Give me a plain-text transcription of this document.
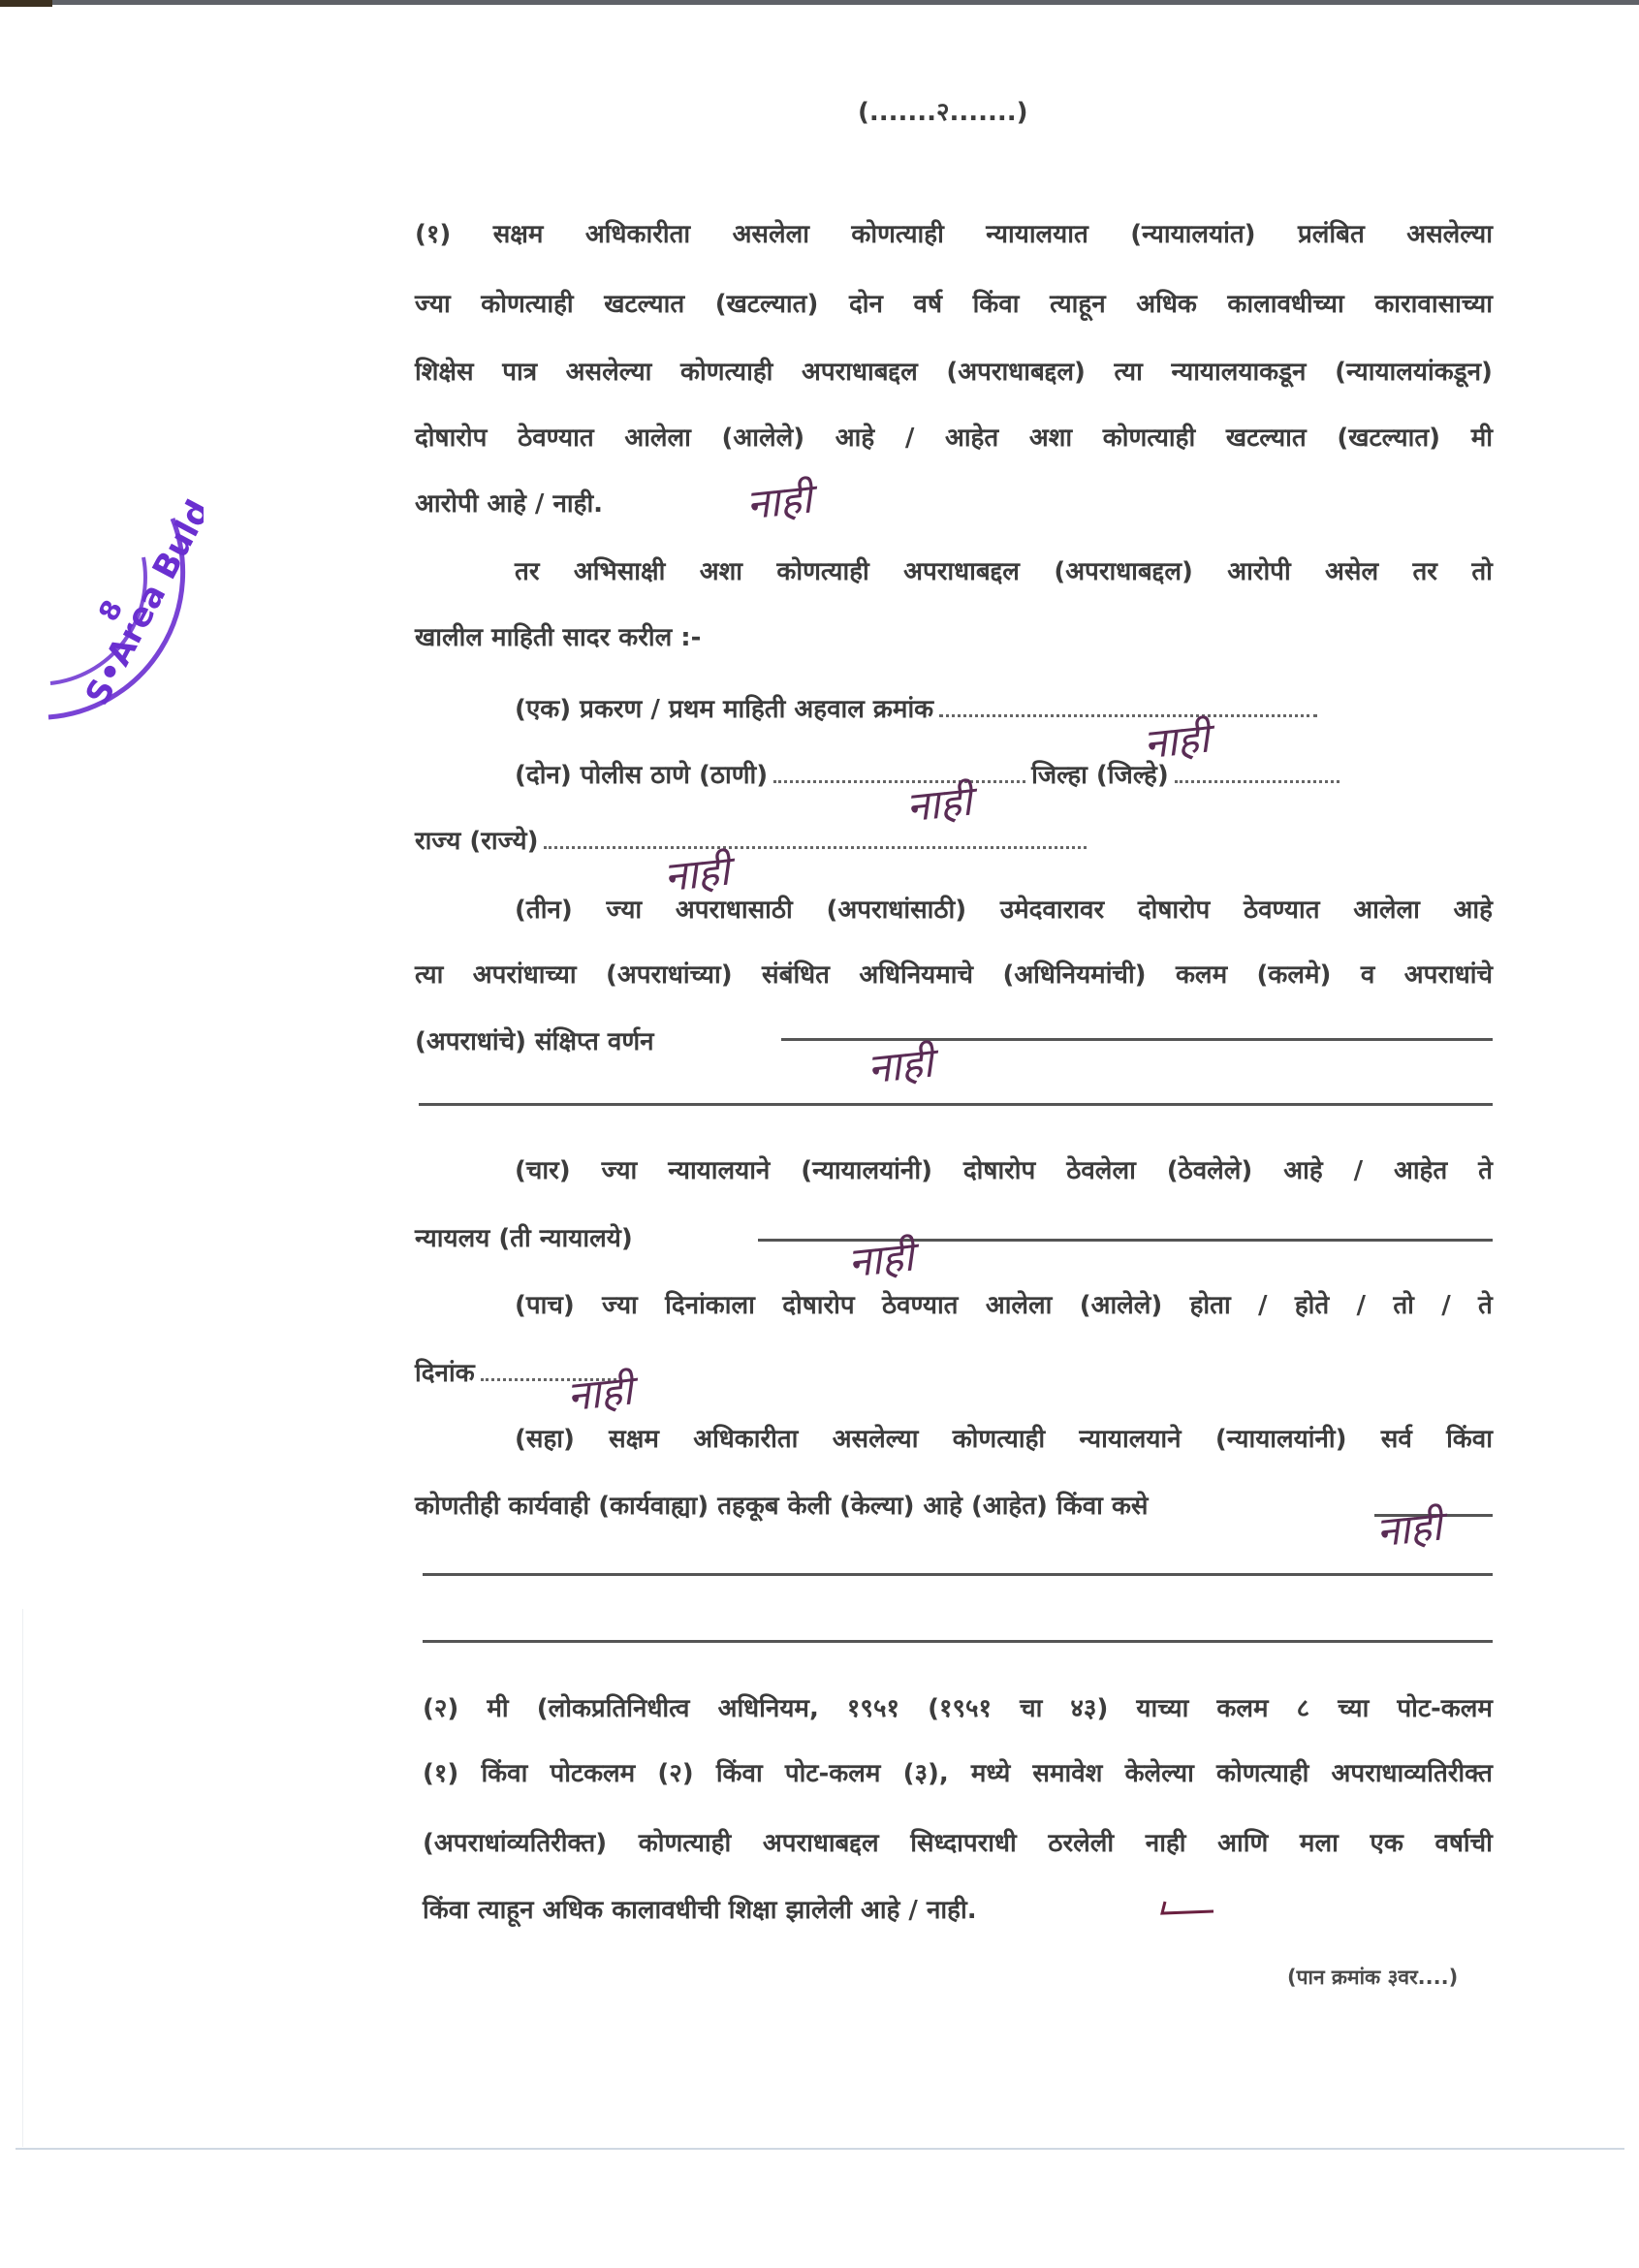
S•Area Buld
8
(.......२.......)
(१) सक्षम अधिकारीता असलेला कोणत्याही न्यायालयात (न्यायालयांत) प्रलंबित असलेल्या
ज्या कोणत्याही खटल्यात (खटल्यात) दोन वर्ष किंवा त्याहून अधिक कालावधीच्या कारावासाच्या
शिक्षेस पात्र असलेल्या कोणत्याही अपराधाबद्दल (अपराधाबद्दल) त्या न्यायालयाकडून (न्यायालयांकडून)
दोषारोप ठेवण्यात आलेला (आलेले) आहे / आहेत अशा कोणत्याही खटल्यात (खटल्यात) मी
आरोपी आहे / नाही.	नाही
तर अभिसाक्षी अशा कोणत्याही अपराधाबद्दल (अपराधाबद्दल) आरोपी असेल तर तो
खालील माहिती सादर करील :-
(एक) प्रकरण / प्रथम माहिती अहवाल क्रमांक
नाही
(दोन) पोलीस ठाणे (ठाणी)	जिल्हा (जिल्हे)
नाही
राज्य (राज्ये)
नाही
(तीन) ज्या अपराधासाठी (अपराधांसाठी) उमेदवारावर दोषारोप ठेवण्यात आलेला आहे
त्या अपरांधाच्या (अपराधांच्या) संबंधित अधिनियमाचे (अधिनियमांची) कलम (कलमे) व अपराधांचे
(अपराधांचे) संक्षिप्त वर्णन	नाही
(चार) ज्या न्यायालयाने (न्यायालयांनी) दोषारोप ठेवलेला (ठेवलेले) आहे / आहेत ते
न्यायलय (ती न्यायालये)	नाही
(पाच) ज्या दिनांकाला दोषारोप ठेवण्यात आलेला (आलेले) होता / होते / तो / ते
दिनांक	नाही
(सहा) सक्षम अधिकारीता असलेल्या कोणत्याही न्यायालयाने (न्यायालयांनी) सर्व किंवा
कोणतीही कार्यवाही (कार्यवाह्या) तहकूब केली (केल्या) आहे (आहेत) किंवा कसे	नाही
(२) मी (लोकप्रतिनिधीत्व अधिनियम, १९५१ (१९५१ चा ४३) याच्या कलम ८ च्या पोट-कलम
(१) किंवा पोटकलम (२) किंवा पोट-कलम (३), मध्ये समावेश केलेल्या कोणत्याही अपराधाव्यतिरीक्त
(अपराधांव्यतिरीक्त) कोणत्याही अपराधाबद्दल सिध्दापराधी ठरलेली नाही आणि मला एक वर्षाची
किंवा त्याहून अधिक कालावधीची शिक्षा झालेली आहे / नाही.
(पान क्रमांक ३वर....)
